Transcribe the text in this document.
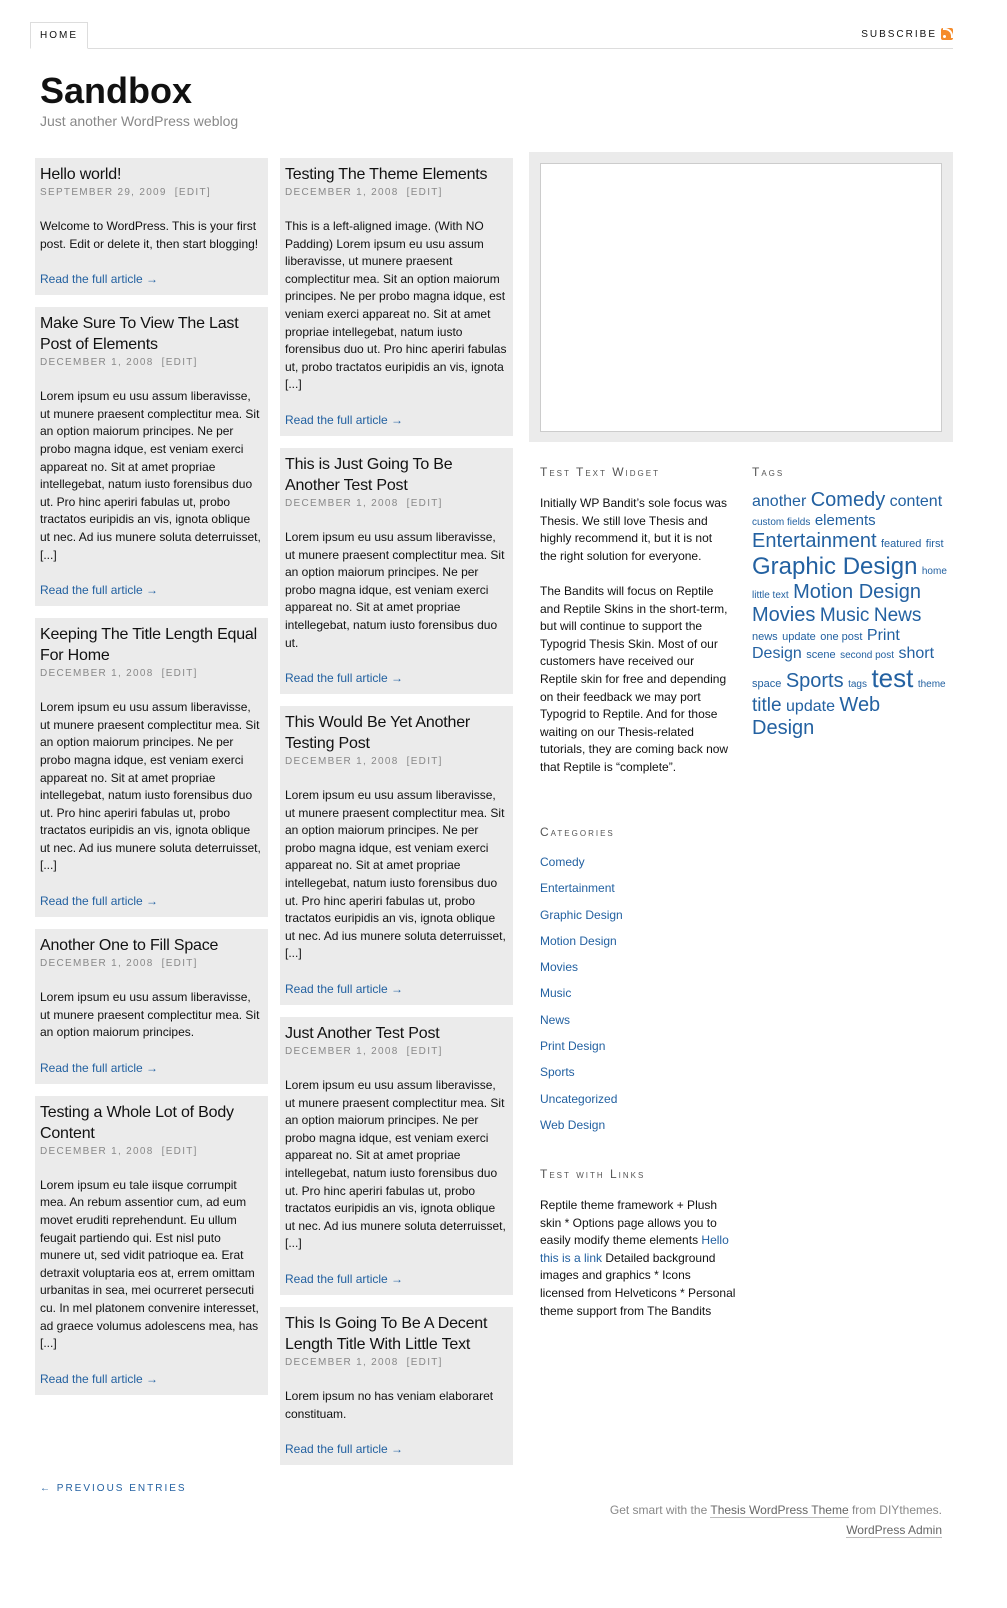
HOME	SUBSCRIBE
Sandbox
Just another WordPress weblog
Hello world!
SEPTEMBER 29, 2009 [EDIT]
Welcome to WordPress. This is your first post. Edit or delete it, then start blogging!
Read the full article →
Make Sure To View The Last Post of Elements
DECEMBER 1, 2008 [EDIT]
Lorem ipsum eu usu assum liberavisse, ut munere praesent complectitur mea. Sit an option maiorum principes. Ne per probo magna idque, est veniam exerci appareat no. Sit at amet propriae intellegebat, natum iusto forensibus duo ut. Pro hinc aperiri fabulas ut, probo tractatos euripidis an vis, ignota oblique ut nec. Ad ius munere soluta deterruisset, [...]
Read the full article →
Keeping The Title Length Equal For Home
DECEMBER 1, 2008 [EDIT]
Lorem ipsum eu usu assum liberavisse, ut munere praesent complectitur mea. Sit an option maiorum principes. Ne per probo magna idque, est veniam exerci appareat no. Sit at amet propriae intellegebat, natum iusto forensibus duo ut. Pro hinc aperiri fabulas ut, probo tractatos euripidis an vis, ignota oblique ut nec. Ad ius munere soluta deterruisset, [...]
Read the full article →
Another One to Fill Space
DECEMBER 1, 2008 [EDIT]
Lorem ipsum eu usu assum liberavisse, ut munere praesent complectitur mea. Sit an option maiorum principes.
Read the full article →
Testing a Whole Lot of Body Content
DECEMBER 1, 2008 [EDIT]
Lorem ipsum eu tale iisque corrumpit mea. An rebum assentior cum, ad eum movet eruditi reprehendunt. Eu ullum feugait partiendo qui. Est nisl puto munere ut, sed vidit patrioque ea. Erat detraxit voluptaria eos at, errem omittam urbanitas in sea, mei ocurreret persecuti cu. In mel platonem convenire interesset, ad graece volumus adolescens mea, has [...]
Read the full article →
Testing The Theme Elements
DECEMBER 1, 2008 [EDIT]
This is a left-aligned image. (With NO Padding) Lorem ipsum eu usu assum liberavisse, ut munere praesent complectitur mea. Sit an option maiorum principes. Ne per probo magna idque, est veniam exerci appareat no. Sit at amet propriae intellegebat, natum iusto forensibus duo ut. Pro hinc aperiri fabulas ut, probo tractatos euripidis an vis, ignota [...]
Read the full article →
This is Just Going To Be Another Test Post
DECEMBER 1, 2008 [EDIT]
Lorem ipsum eu usu assum liberavisse, ut munere praesent complectitur mea. Sit an option maiorum principes. Ne per probo magna idque, est veniam exerci appareat no. Sit at amet propriae intellegebat, natum iusto forensibus duo ut.
Read the full article →
This Would Be Yet Another Testing Post
DECEMBER 1, 2008 [EDIT]
Lorem ipsum eu usu assum liberavisse, ut munere praesent complectitur mea. Sit an option maiorum principes. Ne per probo magna idque, est veniam exerci appareat no. Sit at amet propriae intellegebat, natum iusto forensibus duo ut. Pro hinc aperiri fabulas ut, probo tractatos euripidis an vis, ignota oblique ut nec. Ad ius munere soluta deterruisset, [...]
Read the full article →
Just Another Test Post
DECEMBER 1, 2008 [EDIT]
Lorem ipsum eu usu assum liberavisse, ut munere praesent complectitur mea. Sit an option maiorum principes. Ne per probo magna idque, est veniam exerci appareat no. Sit at amet propriae intellegebat, natum iusto forensibus duo ut. Pro hinc aperiri fabulas ut, probo tractatos euripidis an vis, ignota oblique ut nec. Ad ius munere soluta deterruisset, [...]
Read the full article →
This Is Going To Be A Decent Length Title With Little Text
DECEMBER 1, 2008 [EDIT]
Lorem ipsum no has veniam elaboraret constituam.
Read the full article →
Test Text Widget

Initially WP Bandit’s sole focus was Thesis. We still love Thesis and highly recommend it, but it is not the right solution for everyone.

The Bandits will focus on Reptile and Reptile Skins in the short-term, but will continue to support the Typogrid Thesis Skin. Most of our customers have received our Reptile skin for free and depending on their feedback we may port Typogrid to Reptile. And for those waiting on our Thesis-related tutorials, they are coming back now that Reptile is “complete”.

Categories
Comedy
Entertainment
Graphic Design
Motion Design
Movies
Music
News
Print Design
Sports
Uncategorized
Web Design
Test with Links
Reptile theme framework + Plush skin * Options page allows you to easily modify theme elements Hello this is a link Detailed background images and graphics * Icons licensed from Helveticons * Personal theme support from The Bandits
Tags
another Comedy content custom fields elements Entertainment featured first Graphic Design home little text Motion Design Movies Music News news update one post Print Design scene second post short space Sports tags test theme title update Web Design
← PREVIOUS ENTRIES
Get smart with the Thesis WordPress Theme from DIYthemes.
WordPress Admin
